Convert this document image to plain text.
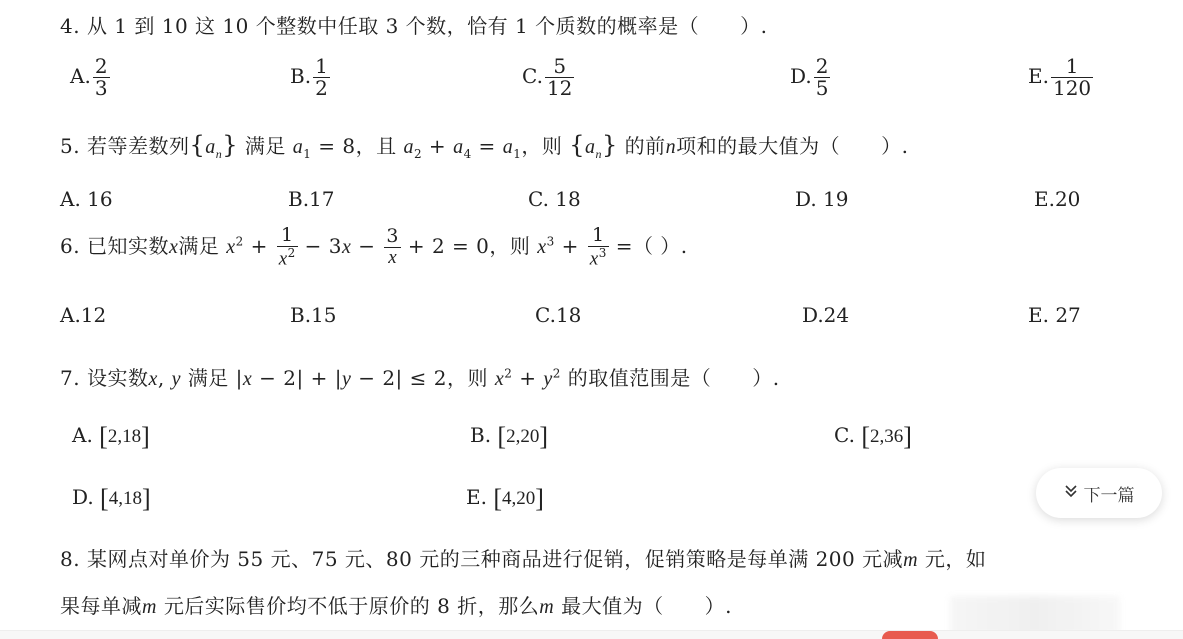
4. 从 1 到 10 这 10 个整数中任取 3 个数，恰有 1 个质数的概率是（　　）.
A. $\frac{2}{3}$	B. $\frac{1}{2}$	C. $\frac{5}{12}$	D. $\frac{2}{5}$	E. $\frac{1}{120}$
5. 若等差数列$\{a_n\}$ 满足 $a_1 = 8$，且 $a_2 + a_4 = a_1$，则 $\{a_n\}$ 的前n项和的最大值为（　　）.
A. 16	B.17	C. 18	D. 19	E.20
6. 已知实数x满足 $x^2 + \frac{1}{x^2} - 3x - \frac{3}{x} + 2 = 0$，则 $x^3 + \frac{1}{x^3}$ =（ ）.
A.12	B.15	C.18	D.24	E. 27
7. 设实数x, y 满足 |x − 2| + |y − 2| ≤ 2，则 $x^2 + y^2$ 的取值范围是（　　）.
A. [2,18]	B. [2,20]	C. [2,36]
D. [4,18]	E. [4,20]	下一篇
8. 某网点对单价为 55 元、75 元、80 元的三种商品进行促销，促销策略是每单满 200 元减m 元，如
果每单减m 元后实际售价均不低于原价的 8 折，那么m 最大值为（　　）.
